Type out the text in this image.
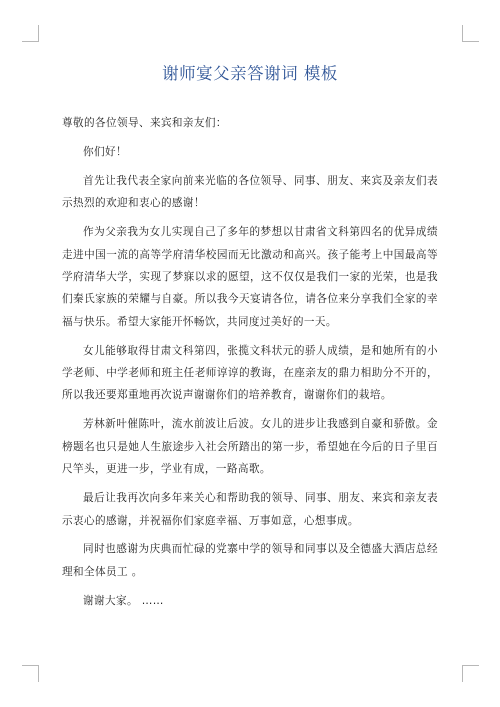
谢师宴父亲答谢词 模板

尊敬的各位领导、来宾和亲友们：

你们好！

首先让我代表全家向前来光临的各位领导、同事、朋友、来宾及亲友们表示热烈的欢迎和衷心的感谢！

作为父亲我为女儿实现自己了多年的梦想以甘肃省文科第四名的优异成绩走进中国一流的高等学府清华校园而无比激动和高兴。孩子能考上中国最高等学府清华大学，实现了梦寐以求的愿望，这不仅仅是我们一家的光荣，也是我们秦氏家族的荣耀与自豪。所以我今天宴请各位，请各位来分享我们全家的幸福与快乐。希望大家能开怀畅饮，共同度过美好的一天。

女儿能够取得甘肃文科第四，张揽文科状元的骄人成绩，是和她所有的小学老师、中学老师和班主任老师谆谆的教诲，在座亲友的鼎力相助分不开的，所以我还要郑重地再次说声谢谢你们的培养教育，谢谢你们的栽培。

芳林新叶催陈叶，流水前波让后波。女儿的进步让我感到自豪和骄傲。金榜题名也只是她人生旅途步入社会所踏出的第一步，希望她在今后的日子里百尺竿头，更进一步，学业有成，一路高歌。

最后让我再次向多年来关心和帮助我的领导、同事、朋友、来宾和亲友表示衷心的感谢，并祝福你们家庭幸福、万事如意，心想事成。

同时也感谢为庆典而忙碌的党寨中学的领导和同事以及全德盛大酒店总经理和全体员工 。

谢谢大家。 ……
